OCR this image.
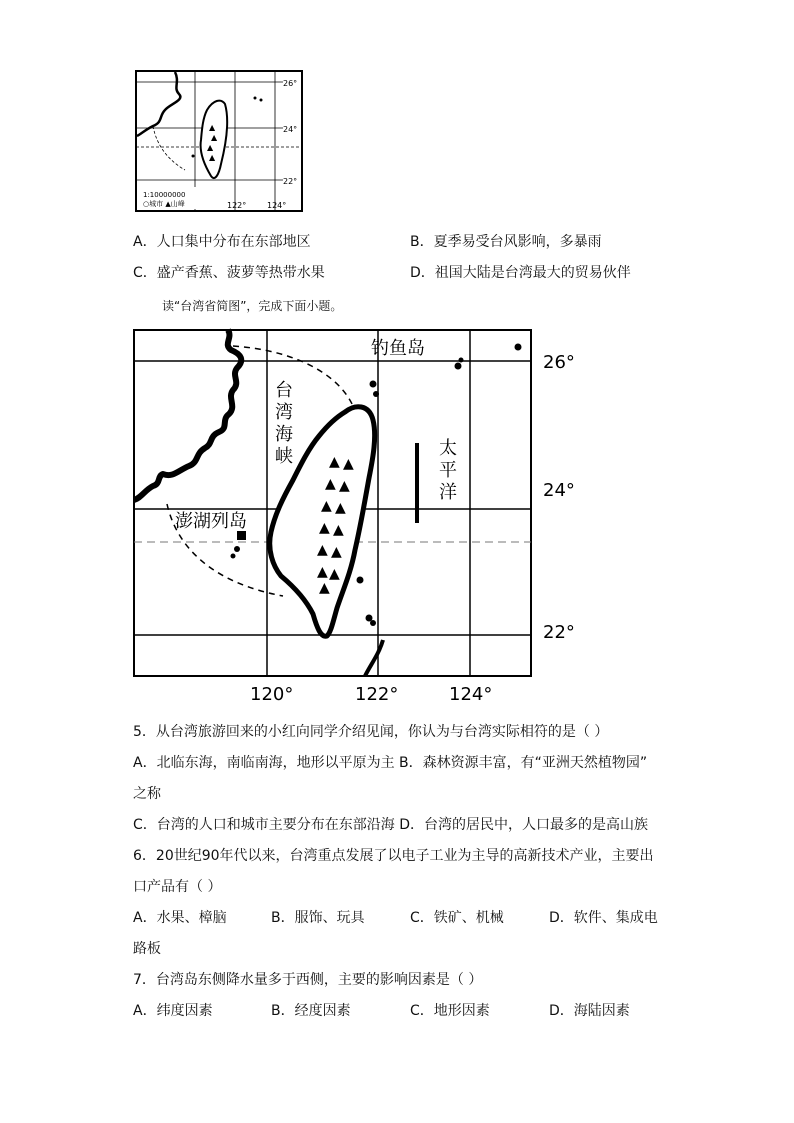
▲
▲
▲
▲
26°
24°
22°
1:10000000
○城市 ▲山峰	122°	124°
A．人口集中分布在东部地区	B．夏季易受台风影响，多暴雨
C．盛产香蕉、菠萝等热带水果	D．祖国大陆是台湾最大的贸易伙伴
读“台湾省简图”，完成下面小题。
▲ ▲
▲ ▲
▲ ▲
▲ ▲
▲ ▲
▲ ▲
▲
钓鱼岛
台
湾
海
峡	太
平
洋
澎湖列岛
26°
24°
22°
120°	122°	124°
5．从台湾旅游回来的小红向同学介绍见闻，你认为与台湾实际相符的是（ ）
A．北临东海，南临南海，地形以平原为主 B．森林资源丰富，有“亚洲天然植物园”
之称
C．台湾的人口和城市主要分布在东部沿海 D．台湾的居民中，人口最多的是高山族
6．20世纪90年代以来，台湾重点发展了以电子工业为主导的高新技术产业，主要出
口产品有（ ）
A．水果、樟脑	B．服饰、玩具	C．铁矿、机械	D．软件、集成电
路板
7．台湾岛东侧降水量多于西侧，主要的影响因素是（ ）
A．纬度因素	B．经度因素	C．地形因素	D．海陆因素
